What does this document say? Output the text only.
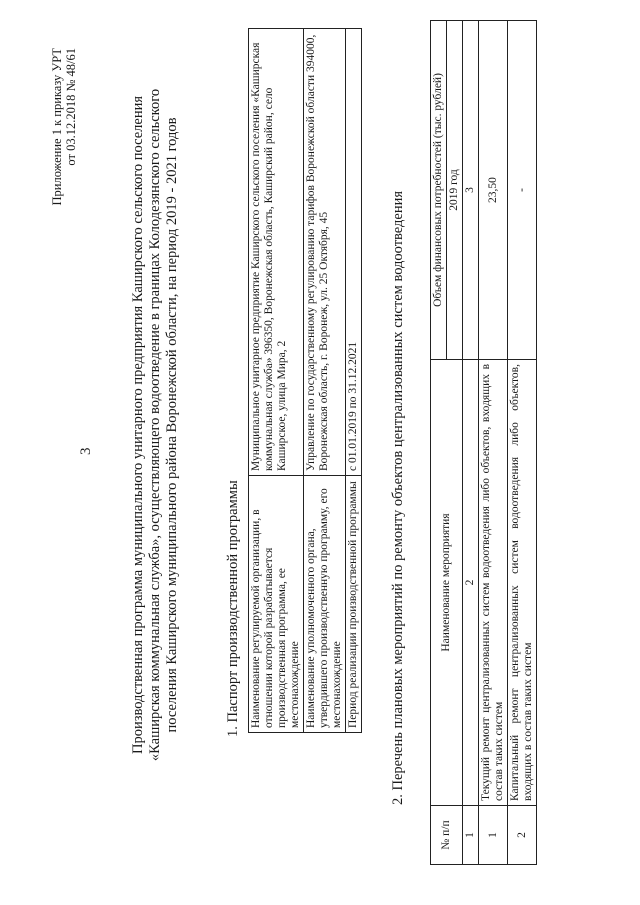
3
Приложение 1 к приказу УРТ от 03.12.2018 № 48/61	Производственная программа муниципального унитарного предприятия Каширского сельского поселения «Каширская коммунальная служба», осуществляющего водоотведение в границах Колодезянского сельского поселения Каширского муниципального района Воронежской области, на период 2019 - 2021 годов	1. Паспорт производственной программы Наименование регулируемой организации, в отношении которой разрабатывается производственная программа, ее местонахождение	Муниципальное унитарное предприятие Каширского сельского поселения «Каширская коммунальная служба» 396350, Воронежская область, Каширский район, село Каширское, улица Мира, 2
Наименование уполномоченного органа, утвердившего производственную программу, его местонахождение	Управление по государственному регулированию тарифов Воронежской области 394000, Воронежская область, г. Воронеж, ул. 25 Октября, 45
Период реализации производственной программы	с 01.01.2019 по 31.12.2021 2. Перечень плановых мероприятий по ремонту объектов централизованных систем водоотведения
№ п/п	Наименование мероприятия	Объем финансовых потребностей (тыс. рублей)
		2019 год
1	2	3
1	Текущий ремонт централизованных систем водоотведения либо объектов, входящих в состав таких систем	23,50
2	Капитальный ремонт централизованных систем водоотведения либо объектов, входящих в состав таких систем	-
